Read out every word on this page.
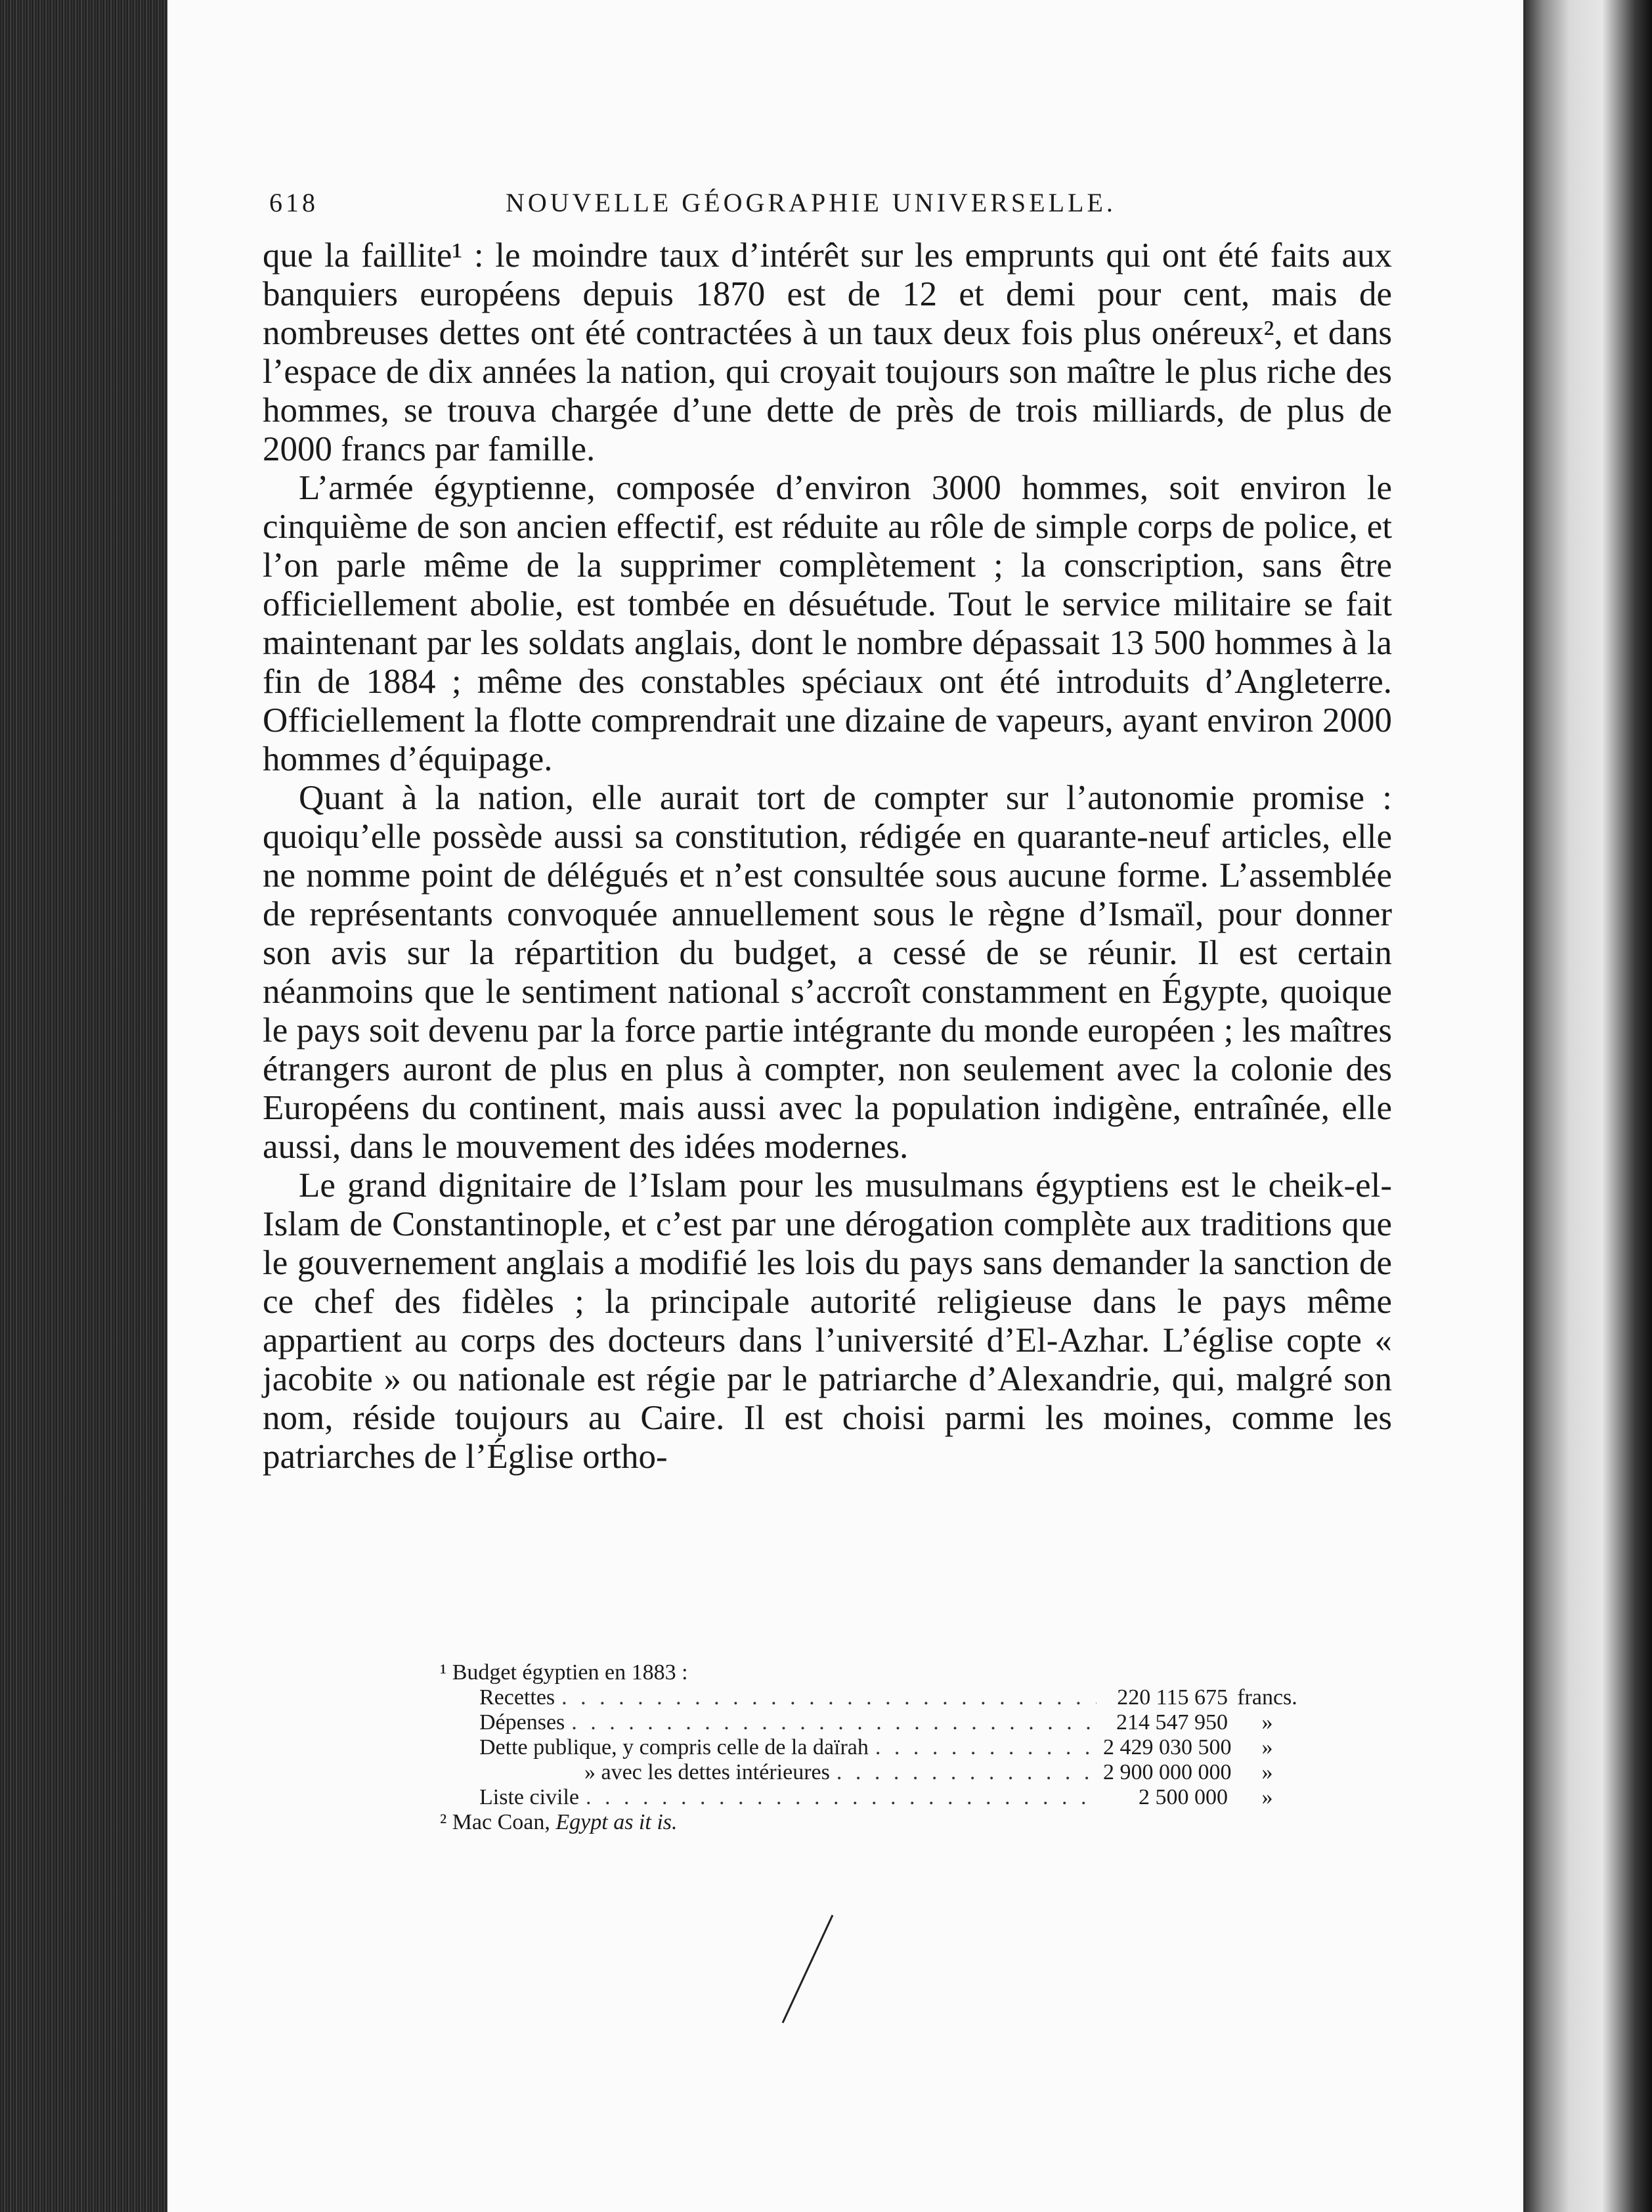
618	NOUVELLE GÉOGRAPHIE UNIVERSELLE.

que la faillite¹ : le moindre taux d’intérêt sur les emprunts qui ont été faits aux banquiers européens depuis 1870 est de 12 et demi pour cent, mais de nombreuses dettes ont été contractées à un taux deux fois plus onéreux², et dans l’espace de dix années la nation, qui croyait toujours son maître le plus riche des hommes, se trouva chargée d’une dette de près de trois milliards, de plus de 2000 francs par famille.

L’armée égyptienne, composée d’environ 3000 hommes, soit environ le cinquième de son ancien effectif, est réduite au rôle de simple corps de police, et l’on parle même de la supprimer complètement ; la conscription, sans être officiellement abolie, est tombée en désuétude. Tout le service militaire se fait maintenant par les soldats anglais, dont le nombre dépassait 13 500 hommes à la fin de 1884 ; même des constables spéciaux ont été introduits d’Angleterre. Officiellement la flotte comprendrait une dizaine de vapeurs, ayant environ 2000 hommes d’équipage.

Quant à la nation, elle aurait tort de compter sur l’autonomie promise : quoiqu’elle possède aussi sa constitution, rédigée en quarante-neuf articles, elle ne nomme point de délégués et n’est consultée sous aucune forme. L’assemblée de représentants convoquée annuellement sous le règne d’Ismaïl, pour donner son avis sur la répartition du budget, a cessé de se réunir. Il est certain néanmoins que le sentiment national s’accroît constamment en Égypte, quoique le pays soit devenu par la force partie intégrante du monde européen ; les maîtres étrangers auront de plus en plus à compter, non seulement avec la colonie des Européens du continent, mais aussi avec la population indigène, entraînée, elle aussi, dans le mouvement des idées modernes.

Le grand dignitaire de l’Islam pour les musulmans égyptiens est le cheik-el-Islam de Constantinople, et c’est par une dérogation complète aux traditions que le gouvernement anglais a modifié les lois du pays sans demander la sanction de ce chef des fidèles ; la principale autorité religieuse dans le pays même appartient au corps des docteurs dans l’université d’El-Azhar. L’église copte « jacobite » ou nationale est régie par le patriarche d’Alexandrie, qui, malgré son nom, réside toujours au Caire. Il est choisi parmi les moines, comme les patriarches de l’Église ortho-

¹ Budget égyptien en 1883 :
Recettes . . .	220 115 675 francs.
Dépenses . . .	214 547 950	»
Dette publique, y compris celle de la daïrah . . .	2 429 030 500	»
» avec les dettes intérieures . . .	2 900 000 000	»
Liste civile . . .	2 500 000	»
² Mac Coan, Egypt as it is.
